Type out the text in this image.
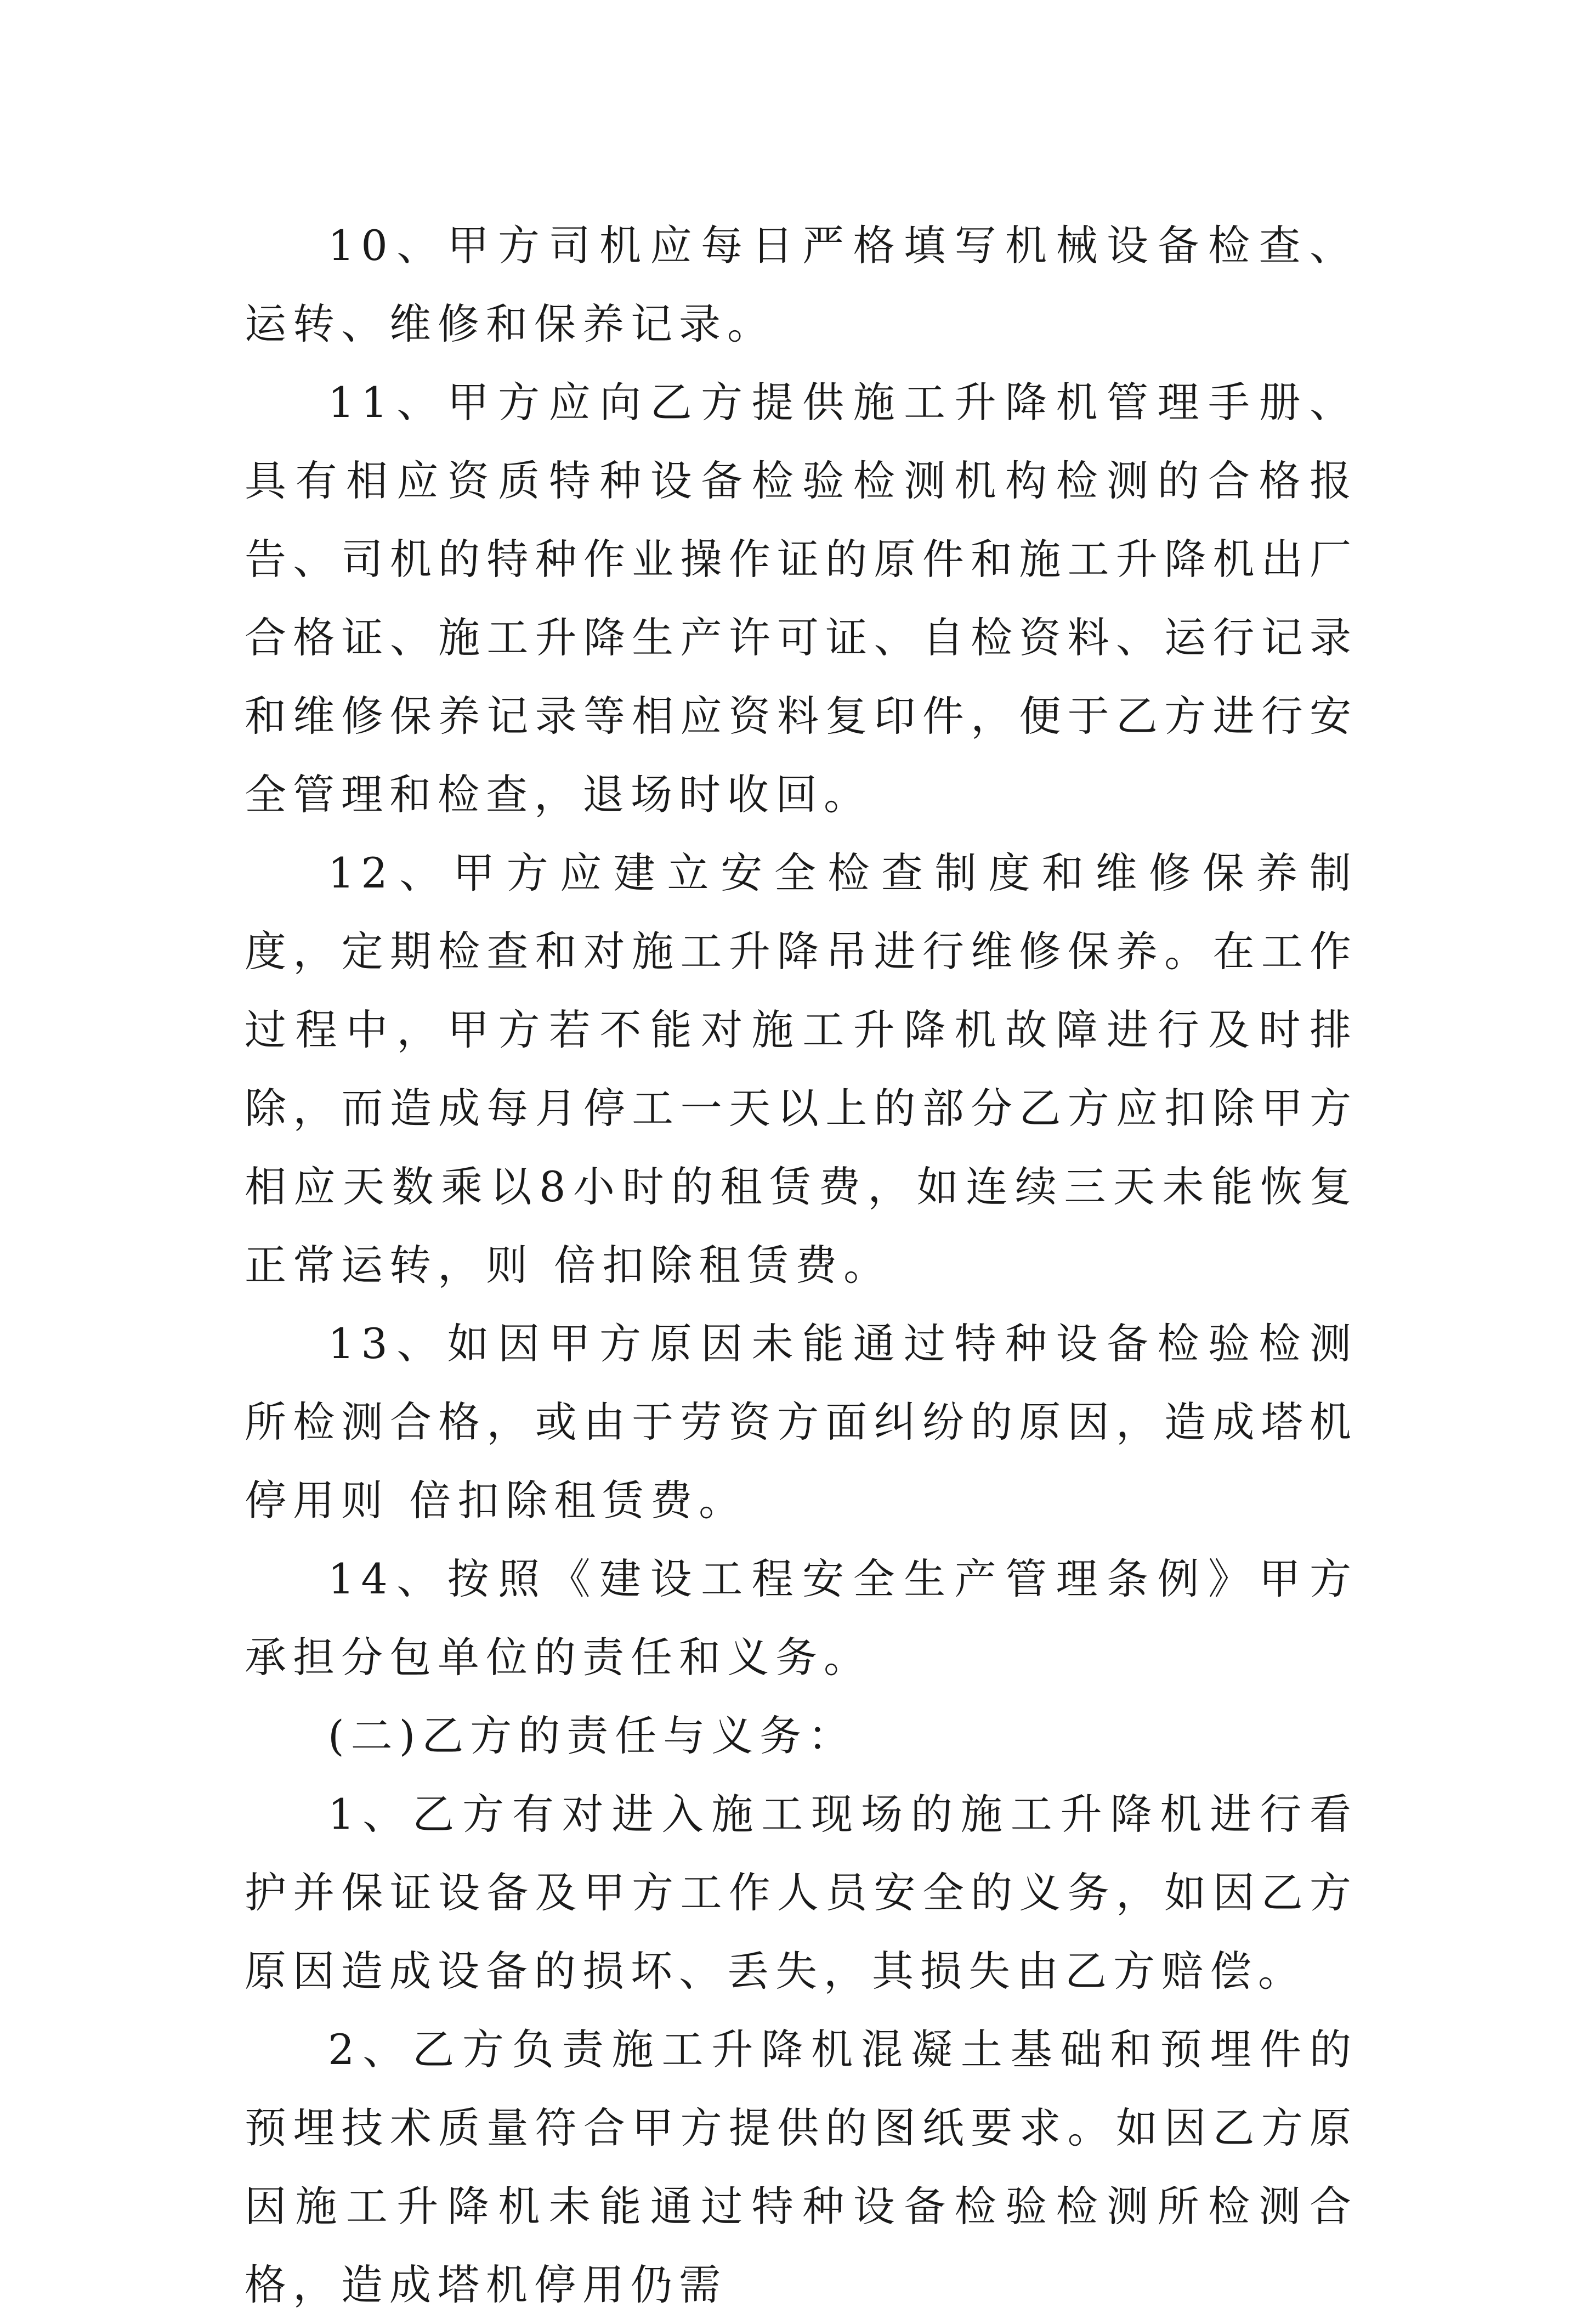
10、甲方司机应每日严格填写机械设备检查、运转、维修和保养记录。

11、甲方应向乙方提供施工升降机管理手册、具有相应资质特种设备检验检测机构检测的合格报告、司机的特种作业操作证的原件和施工升降机出厂合格证、施工升降生产许可证、自检资料、运行记录和维修保养记录等相应资料复印件，便于乙方进行安全管理和检查，退场时收回。

12、甲方应建立安全检查制度和维修保养制度，定期检查和对施工升降吊进行维修保养。在工作过程中，甲方若不能对施工升降机故障进行及时排除，而造成每月停工一天以上的部分乙方应扣除甲方相应天数乘以8小时的租赁费，如连续三天未能恢复正常运转，则 倍扣除租赁费。

13、如因甲方原因未能通过特种设备检验检测所检测合格，或由于劳资方面纠纷的原因，造成塔机停用则 倍扣除租赁费。

14、按照《建设工程安全生产管理条例》甲方承担分包单位的责任和义务。

(二)乙方的责任与义务：

1、乙方有对进入施工现场的施工升降机进行看护并保证设备及甲方工作人员安全的义务，如因乙方原因造成设备的损坏、丢失，其损失由乙方赔偿。

2、乙方负责施工升降机混凝土基础和预埋件的预埋技术质量符合甲方提供的图纸要求。如因乙方原因施工升降机未能通过特种设备检验检测所检测合格，造成塔机停用仍需
